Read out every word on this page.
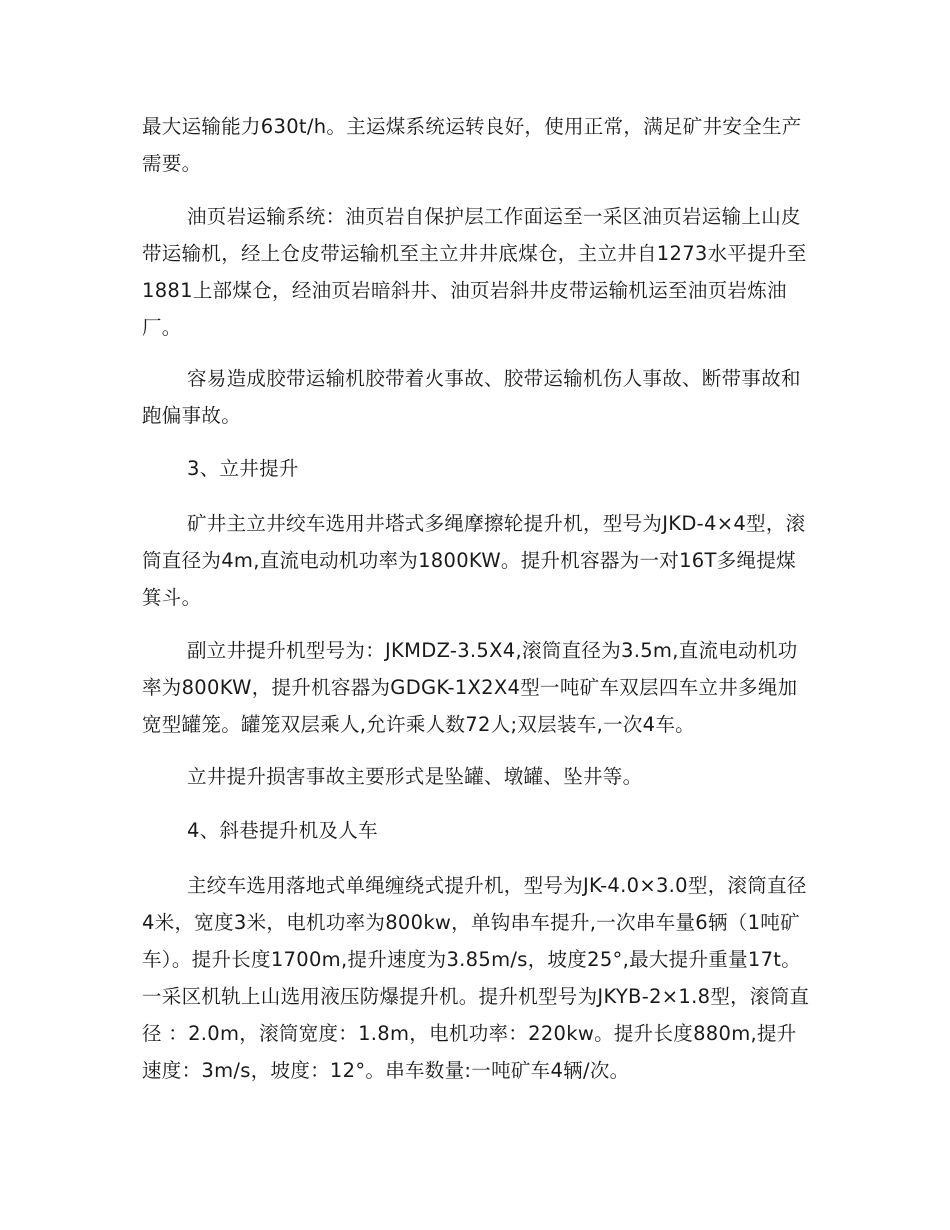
最大运输能力630t/h。主运煤系统运转良好，使用正常，满足矿井安全生产需要。

油页岩运输系统：油页岩自保护层工作面运至一采区油页岩运输上山皮带运输机，经上仓皮带运输机至主立井井底煤仓，主立井自1273水平提升至1881上部煤仓，经油页岩暗斜井、油页岩斜井皮带运输机运至油页岩炼油厂。

容易造成胶带运输机胶带着火事故、胶带运输机伤人事故、断带事故和跑偏事故。

3、立井提升

矿井主立井绞车选用井塔式多绳摩擦轮提升机，型号为JKD-4×4型，滚筒直径为4m,直流电动机功率为1800KW。提升机容器为一对16T多绳提煤箕斗。

副立井提升机型号为：JKMDZ-3.5X4,滚筒直径为3.5m,直流电动机功率为800KW，提升机容器为GDGK-1X2X4型一吨矿车双层四车立井多绳加宽型罐笼。罐笼双层乘人,允许乘人数72人;双层装车,一次4车。

立井提升损害事故主要形式是坠罐、墩罐、坠井等。

4、斜巷提升机及人车

主绞车选用落地式单绳缠绕式提升机，型号为JK-4.0×3.0型，滚筒直径4米，宽度3米，电机功率为800kw，单钩串车提升,一次串车量6辆（1吨矿车）。提升长度1700m,提升速度为3.85m/s，坡度25°,最大提升重量17t。一采区机轨上山选用液压防爆提升机。提升机型号为JKYB-2×1.8型，滚筒直径 ：2.0m，滚筒宽度：1.8m，电机功率：220kw。提升长度880m,提升速度：3m/s，坡度：12°。串车数量:一吨矿车4辆/次。
